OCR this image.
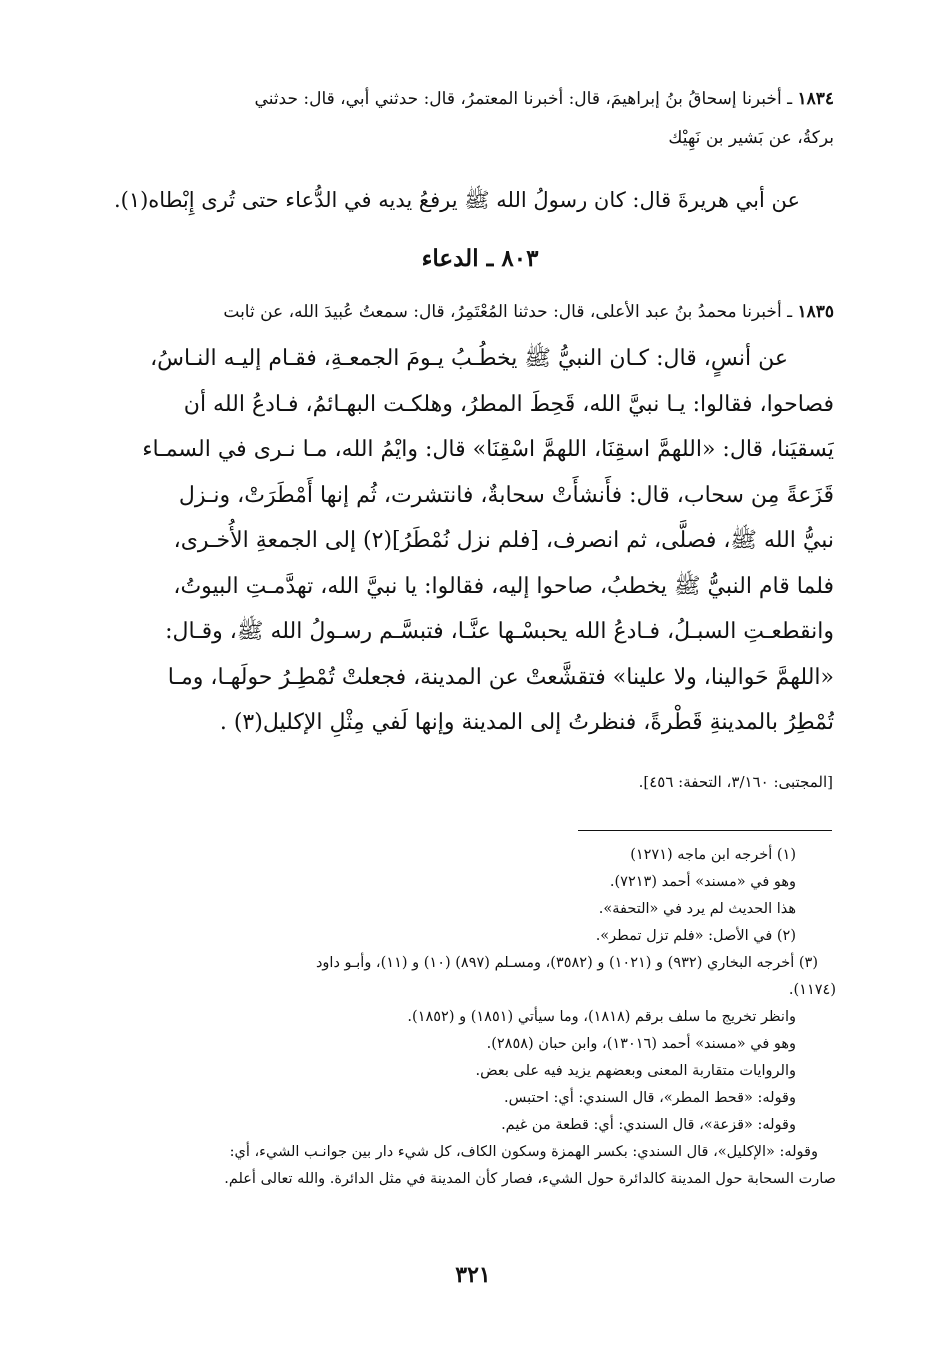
١٨٣٤ ـ أخبرنا إسحاقُ بنُ إبراهيمَ، قال: أخبرنا المعتمرُ، قال: حدثني أبي، قال: حدثني
بركةُ، عن بَشير بن نَهِيْك
عن أبي هريرةَ قال: كان رسولُ الله ﷺ يرفعُ يديه في الدُّعاء حتى تُرى إِبْطاه(١).
٨٠٣ ـ الدعاء
١٨٣٥ ـ أخبرنا محمدُ بنُ عبد الأعلى، قال: حدثنا المُعْتَمِرُ، قال: سمعتُ عُبيدَ الله، عن ثابت
عن أنسٍ، قال: كـان النبيُّ ﷺ يخطُـبُ يـومَ الجمعـةِ، فقـام إليـه النـاسُ،
فصاحوا، فقالوا: يـا نبيَّ الله، قَحِطَ المطرُ، وهلكـت البهـائمُ، فـادعُ الله أن
يَسقيَنا، قال: «اللهمَّ اسقِنَا، اللهمَّ اسْقِنَا» قال: وايْمُ الله، مـا نـرى في السمـاء
قَزَعةً مِن سحاب، قال: فأَنشأَتْ سحابةٌ، فانتشرت، ثُم إنها أَمْطَرَتْ، ونـزل
نبيُّ الله ﷺ، فصلَّى، ثم انصرف، [فلم نزل نُمْطَرُ](٢) إلى الجمعةِ الأُخـرى،
فلما قام النبيُّ ﷺ يخطبُ، صاحوا إليه، فقالوا: يا نبيَّ الله، تهدَّمـتِ البيوتُ،
وانقطعـتِ السبـلُ، فـادعُ الله يحبسْـها عنَّـا، فتبسَّـم رسـولُ الله ﷺ، وقـال:
«اللهمَّ حَوالينا، ولا علينا» فتقشَّعتْ عن المدينة، فجعلتْ تُمْطِـرُ حولَهـا، ومـا
تُمْطِرُ بالمدينةِ قَطْرةً، فنظرتُ إلى المدينة وإنها لَفي مِثْلِ الإكليل(٣) .
[المجتبى: ٣/١٦٠، التحفة: ٤٥٦].
(١) أخرجه ابن ماجه (١٢٧١)
وهو في «مسند» أحمد (٧٢١٣).
هذا الحديث لم يرد في «التحفة».
(٢) في الأصل: «فلم تزل تمطر».
(٣) أخرجه البخاري (٩٣٢) و (١٠٢١) و (٣٥٨٢)، ومسـلم (٨٩٧) (١٠) و (١١)، وأبـو داود
(١١٧٤).
وانظر تخريج ما سلف برقم (١٨١٨)، وما سيأتي (١٨٥١) و (١٨٥٢).
وهو في «مسند» أحمد (١٣٠١٦)، وابن حبان (٢٨٥٨).
والروايات متقاربة المعنى وبعضهم يزيد فيه على بعض.
وقوله: «قحط المطر»، قال السندي: أي: احتبس.
وقوله: «قزعة»، قال السندي: أي: قطعة من غيم.
وقوله: «الإكليل»، قال السندي: بكسر الهمزة وسكون الكاف، كل شيء دار بين جوانـب الشيء، أي:
صارت السحابة حول المدينة كالدائرة حول الشيء، فصار كأن المدينة في مثل الدائرة. والله تعالى أعلم.
٣٢١
